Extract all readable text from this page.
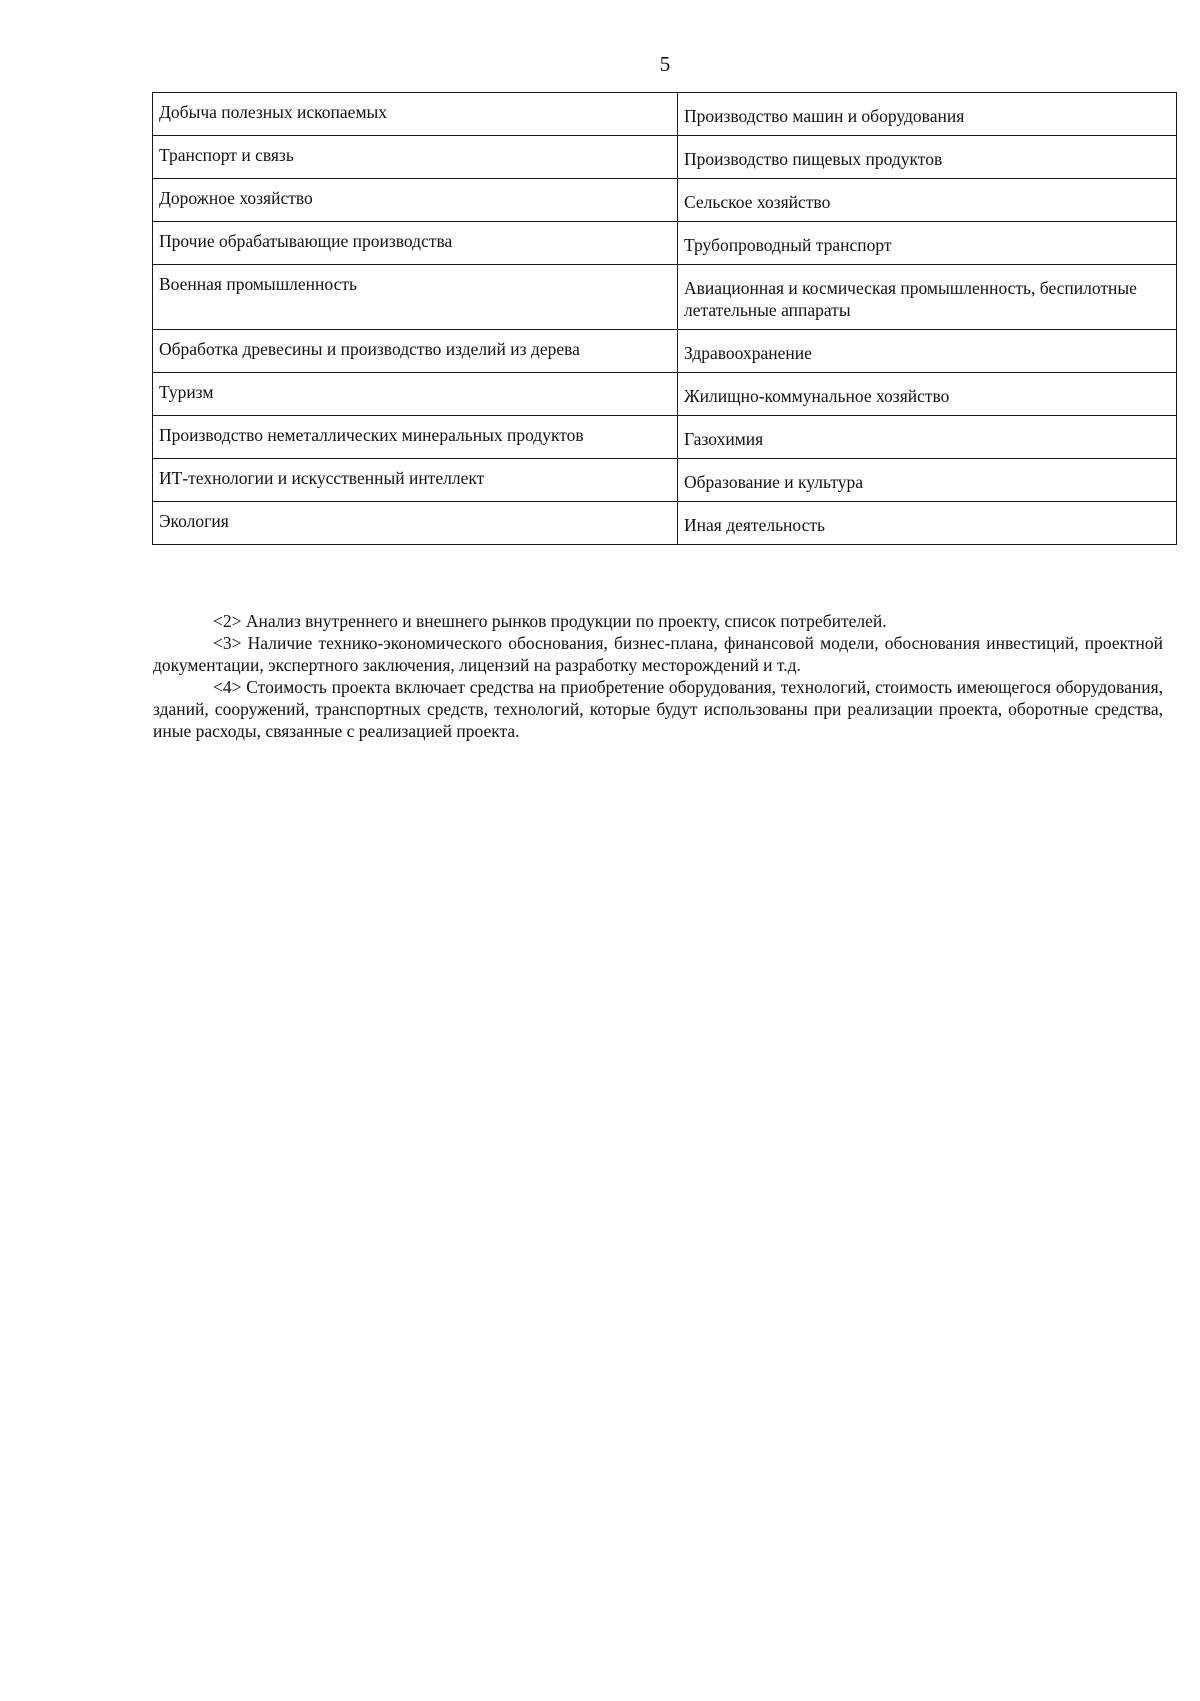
5
Добыча полезных ископаемых	Производство машин и оборудования

Транспорт и связь	Производство пищевых продуктов

Дорожное хозяйство	Сельское хозяйство

Прочие обрабатывающие производства	Трубопроводный транспорт

Военная промышленность	Авиационная и космическая промышленность, беспилотные летательные аппараты

Обработка древесины и производство изделий из дерева	Здравоохранение

Туризм	Жилищно-коммунальное хозяйство

Производство неметаллических минеральных продуктов	Газохимия

ИТ-технологии и искусственный интеллект	Образование и культура

Экология	Иная деятельность

<2> Анализ внутреннего и внешнего рынков продукции по проекту, список потребителей.

<3> Наличие технико-экономического обоснования, бизнес-плана, финансовой модели, обоснования инвестиций, проектной документации, экспертного заключения, лицензий на разработку месторождений и т.д.

<4> Стоимость проекта включает средства на приобретение оборудования, технологий, стоимость имеющегося оборудования, зданий, сооружений, транспортных средств, технологий, которые будут использованы при реализации проекта, оборотные средства, иные расходы, связанные с реализацией проекта.
